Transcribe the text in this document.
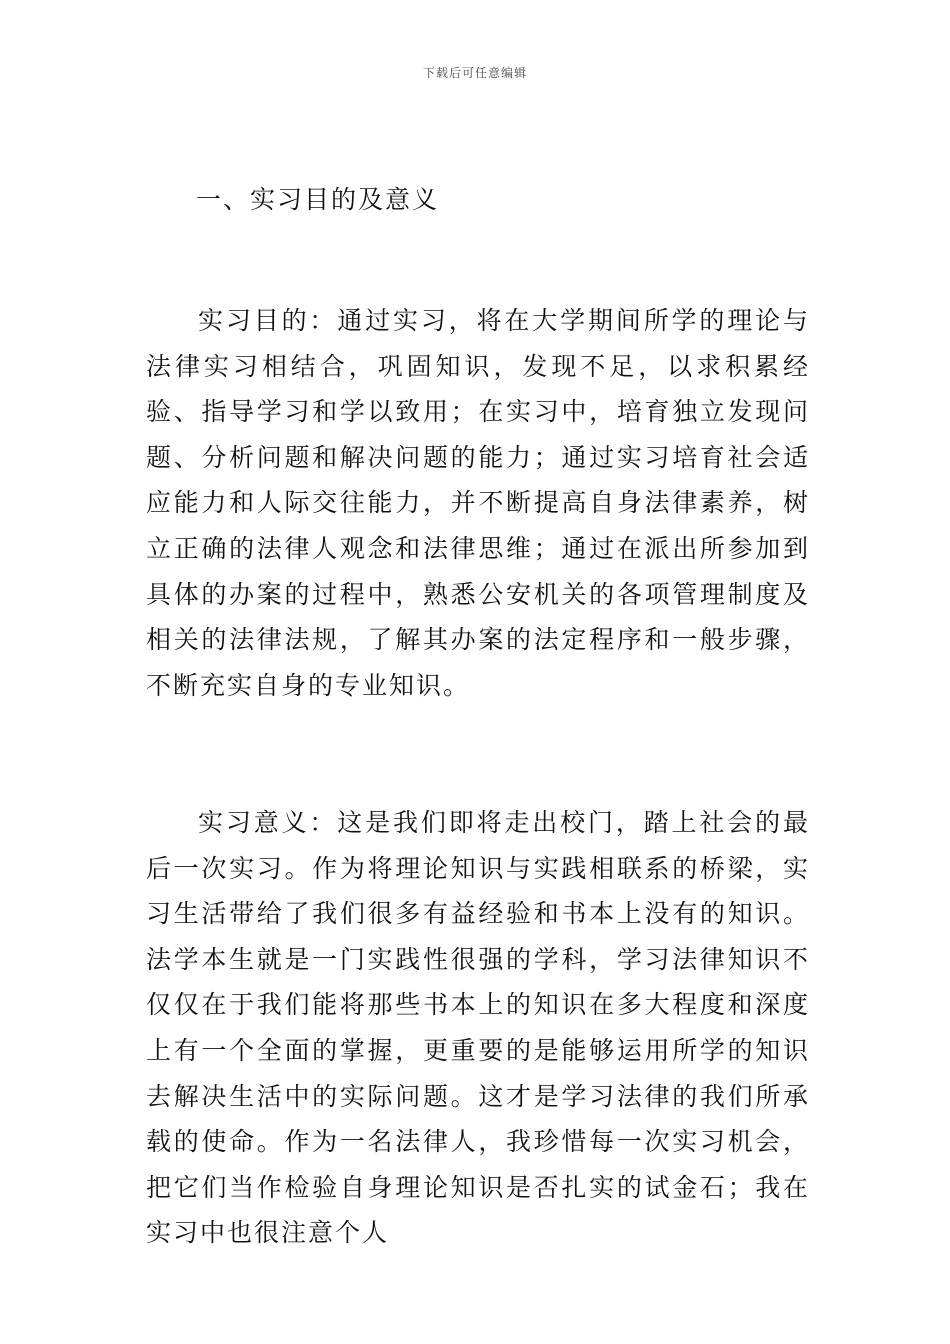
下载后可任意编辑
一、实习目的及意义

实习目的：通过实习，将在大学期间所学的理论与法律实习相结合，巩固知识，发现不足，以求积累经验、指导学习和学以致用；在实习中，培育独立发现问题、分析问题和解决问题的能力；通过实习培育社会适应能力和人际交往能力，并不断提高自身法律素养，树立正确的法律人观念和法律思维；通过在派出所参加到具体的办案的过程中，熟悉公安机关的各项管理制度及相关的法律法规，了解其办案的法定程序和一般步骤，不断充实自身的专业知识。

实习意义：这是我们即将走出校门，踏上社会的最后一次实习。作为将理论知识与实践相联系的桥梁，实习生活带给了我们很多有益经验和书本上没有的知识。法学本生就是一门实践性很强的学科，学习法律知识不仅仅在于我们能将那些书本上的知识在多大程度和深度上有一个全面的掌握，更重要的是能够运用所学的知识去解决生活中的实际问题。这才是学习法律的我们所承载的使命。作为一名法律人，我珍惜每一次实习机会，把它们当作检验自身理论知识是否扎实的试金石；我在实习中也很注意个人
